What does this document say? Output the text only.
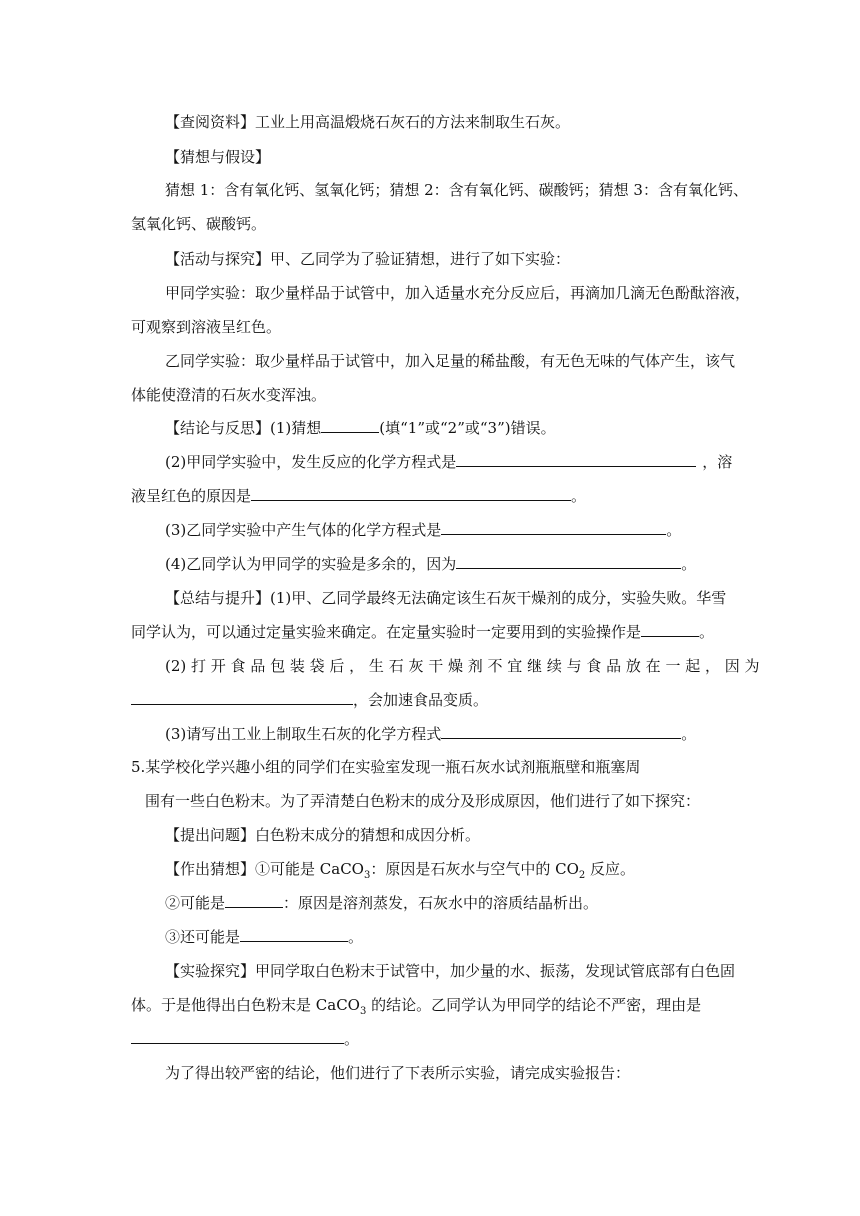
【查阅资料】工业上用高温煅烧石灰石的方法来制取生石灰。
【猜想与假设】
猜想 1：含有氧化钙、氢氧化钙；猜想 2：含有氧化钙、碳酸钙；猜想 3：含有氧化钙、
氢氧化钙、碳酸钙。
【活动与探究】甲、乙同学为了验证猜想，进行了如下实验：
甲同学实验：取少量样品于试管中，加入适量水充分反应后，再滴加几滴无色酚酞溶液，
可观察到溶液呈红色。
乙同学实验：取少量样品于试管中，加入足量的稀盐酸，有无色无味的气体产生，该气
体能使澄清的石灰水变浑浊。
【结论与反思】(1)猜想	(填“1”或“2”或“3”)错误。
(2)甲同学实验中，发生反应的化学方程式是	，溶
液呈红色的原因是	。
(3)乙同学实验中产生气体的化学方程式是	。
(4)乙同学认为甲同学的实验是多余的，因为	。
【总结与提升】(1)甲、乙同学最终无法确定该生石灰干燥剂的成分，实验失败。华雪
同学认为，可以通过定量实验来确定。在定量实验时一定要用到的实验操作是	。
(2) 打 开 食 品 包 装 袋 后 ， 生 石 灰 干 燥 剂 不 宜 继 续 与 食 品 放 在 一 起 ， 因 为
，会加速食品变质。
(3)请写出工业上制取生石灰的化学方程式	。
5.某学校化学兴趣小组的同学们在实验室发现一瓶石灰水试剂瓶瓶壁和瓶塞周
围有一些白色粉末。为了弄清楚白色粉末的成分及形成原因，他们进行了如下探究：
【提出问题】白色粉末成分的猜想和成因分析。
【作出猜想】①可能是 CaCO$_3$：原因是石灰水与空气中的 $CO_2$ 反应。
②可能是	：原因是溶剂蒸发，石灰水中的溶质结晶析出。
③还可能是	。
【实验探究】甲同学取白色粉末于试管中，加少量的水、振荡，发现试管底部有白色固
体。于是他得出白色粉末是 CaCO$_3$ 的结论。乙同学认为甲同学的结论不严密，理由是
。
为了得出较严密的结论，他们进行了下表所示实验，请完成实验报告：
